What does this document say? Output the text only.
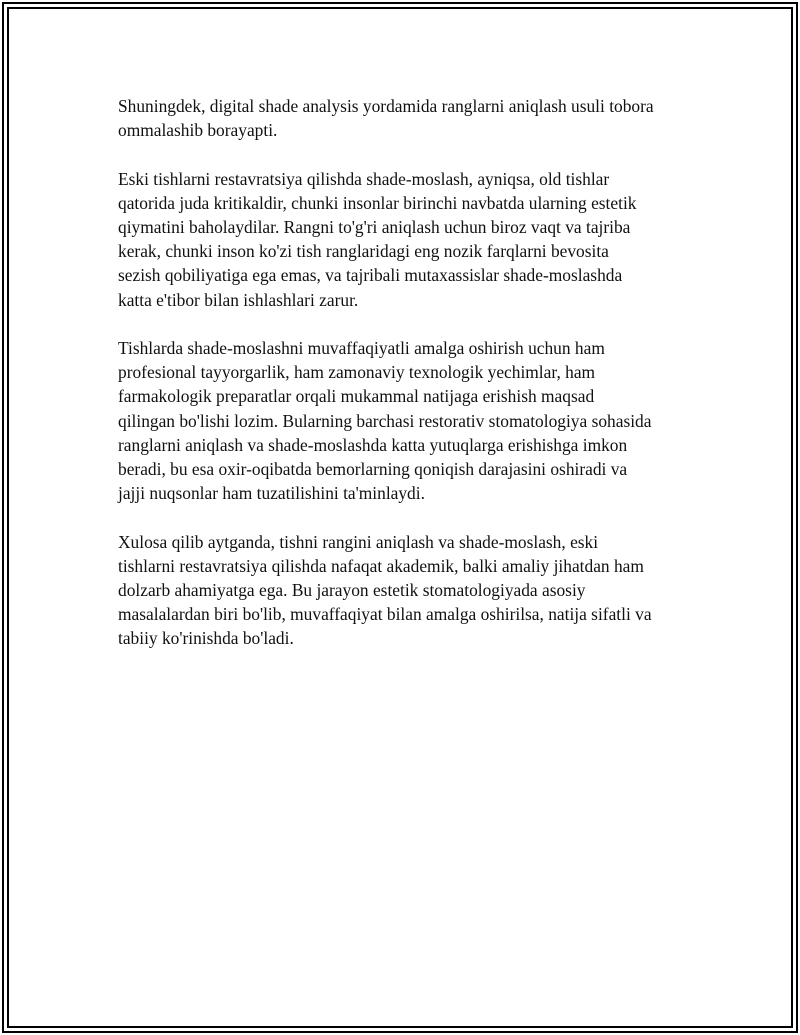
Shuningdek, digital shade analysis yordamida ranglarni aniqlash usuli tobora
ommalashib borayapti.

Eski tishlarni restavratsiya qilishda shade-moslash, ayniqsa, old tishlar
qatorida juda kritikaldir, chunki insonlar birinchi navbatda ularning estetik
qiymatini baholaydilar. Rangni to'g'ri aniqlash uchun biroz vaqt va tajriba
kerak, chunki inson ko'zi tish ranglaridagi eng nozik farqlarni bevosita
sezish qobiliyatiga ega emas, va tajribali mutaxassislar shade-moslashda
katta e'tibor bilan ishlashlari zarur.

Tishlarda shade-moslashni muvaffaqiyatli amalga oshirish uchun ham
profesional tayyorgarlik, ham zamonaviy texnologik yechimlar, ham
farmakologik preparatlar orqali mukammal natijaga erishish maqsad
qilingan bo'lishi lozim. Bularning barchasi restorativ stomatologiya sohasida
ranglarni aniqlash va shade-moslashda katta yutuqlarga erishishga imkon
beradi, bu esa oxir-oqibatda bemorlarning qoniqish darajasini oshiradi va
jajji nuqsonlar ham tuzatilishini ta'minlaydi.

Xulosa qilib aytganda, tishni rangini aniqlash va shade-moslash, eski
tishlarni restavratsiya qilishda nafaqat akademik, balki amaliy jihatdan ham
dolzarb ahamiyatga ega. Bu jarayon estetik stomatologiyada asosiy
masalalardan biri bo'lib, muvaffaqiyat bilan amalga oshirilsa, natija sifatli va
tabiiy ko'rinishda bo'ladi.
